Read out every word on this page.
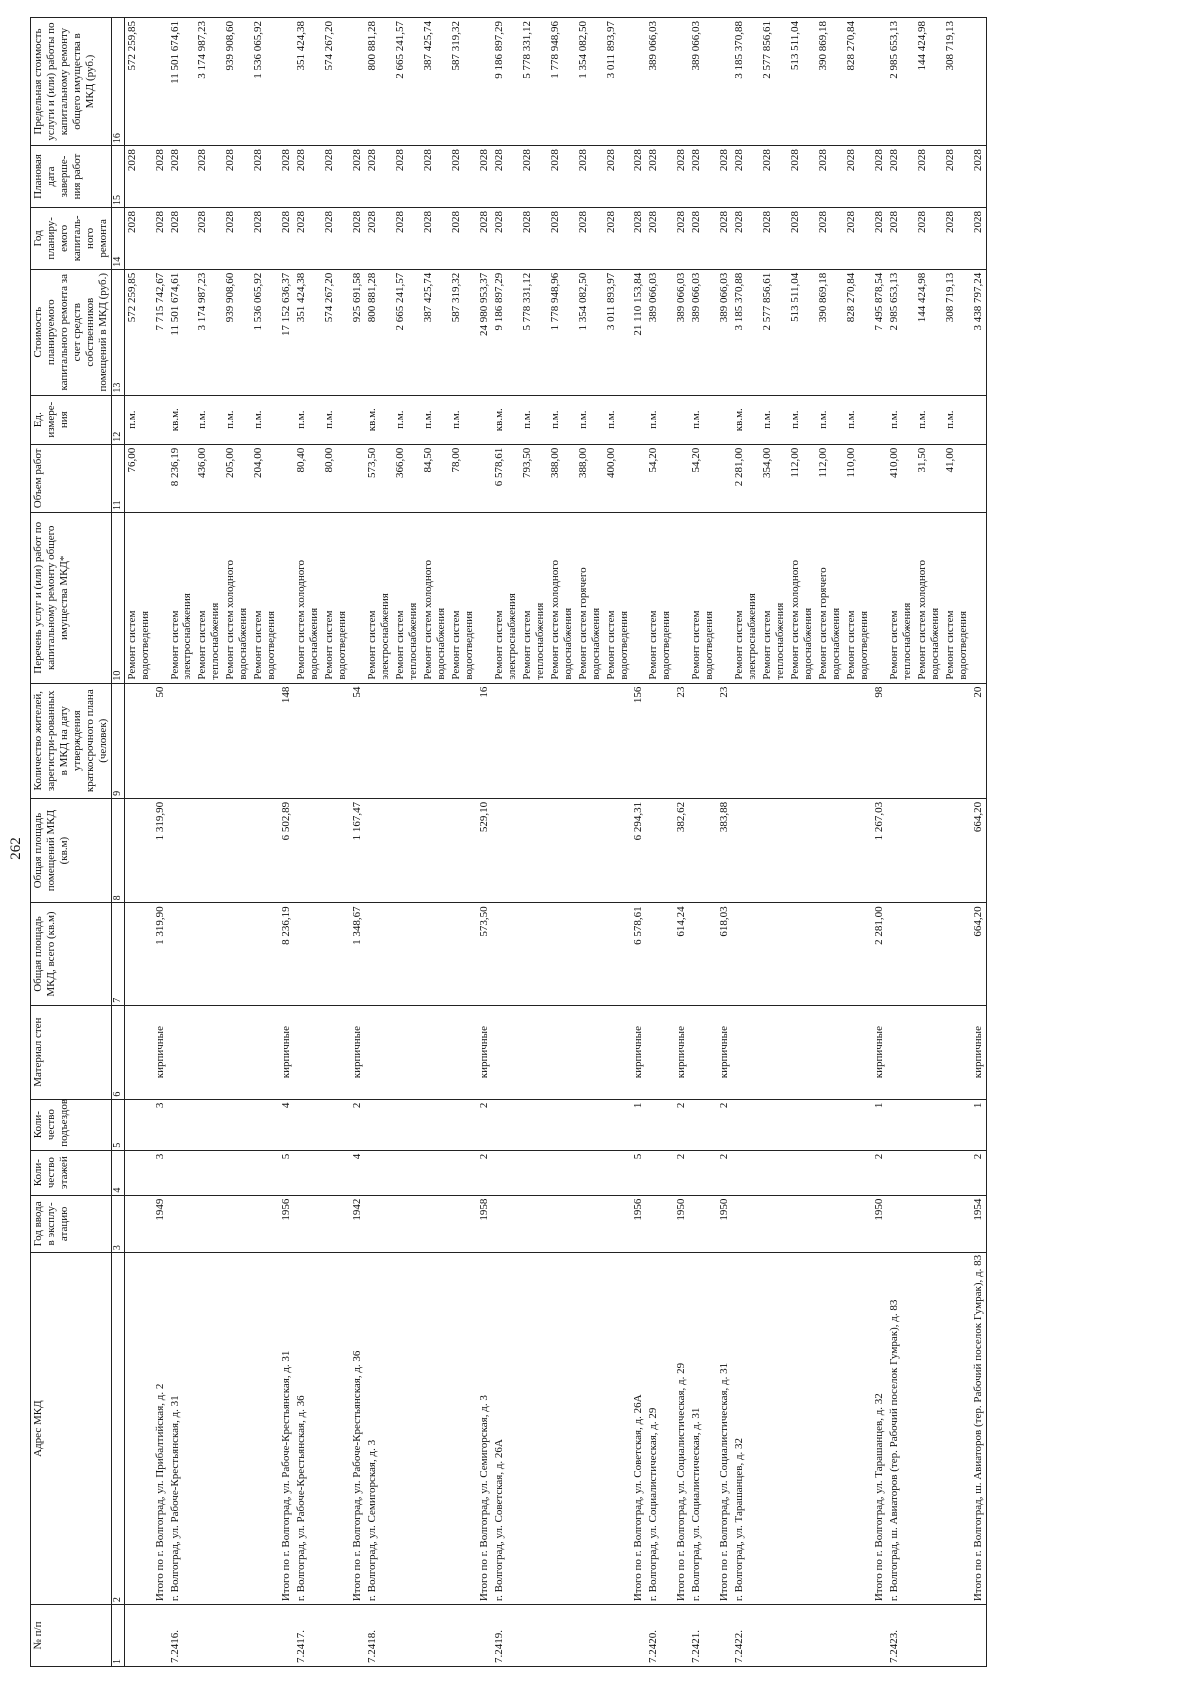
262
№ п/п	Адрес МКД	Год ввода в эксплу-атацию	Коли-чество этажей	Коли-чество подъездов	Материал стен	Общая площадь МКД, всего (кв.м)	Общая площадь помещений МКД (кв.м)	Количество жителей, зарегистри-рованных в МКД на дату утверждения краткосрочного плана (человек)	Перечень услуг и (или) работ по капитальному ремонту общего имущества МКД*	Объем работ	Ед. измере-ния	Стоимость планируемого капитального ремонта за счет средств собственников помещений в МКД (руб.)	Год планиру-емого капиталь-ного ремонта	Плановая дата заверше-ния работ	Предельная стоимость услуги и (или) работы по капитальному ремонту общего имущества в МКД (руб.)
1	2	3	4	5	6	7	8	9	10	11	12	13	14	15	16

									Ремонт систем водоотведения	76,00	п.м.	572 259,85	2028	2028	572 259,85
	Итого по г. Волгоград, ул. Прибалтийская, д. 2	1949	3	3	кирпичные	1 319,90	1 319,90	50				7 715 742,67	2028	2028	
7.2416.	г. Волгоград, ул. Рабоче-Крестьянская, д. 31								Ремонт систем электроснабжения	8 236,19	кв.м.	11 501 674,61	2028	2028	11 501 674,61

									Ремонт систем теплоснабжения	436,00	п.м.	3 174 987,23	2028	2028	3 174 987,23

									Ремонт систем холодного водоснабжения	205,00	п.м.	939 908,60	2028	2028	939 908,60

									Ремонт систем водоотведения	204,00	п.м.	1 536 065,92	2028	2028	1 536 065,92
	Итого по г. Волгоград, ул. Рабоче-Крестьянская, д. 31	1956	5	4	кирпичные	8 236,19	6 502,89	148				17 152 636,37	2028	2028	
7.2417.	г. Волгоград, ул. Рабоче-Крестьянская, д. 36								Ремонт систем холодного водоснабжения	80,40	п.м.	351 424,38	2028	2028	351 424,38

									Ремонт систем водоотведения	80,00	п.м.	574 267,20	2028	2028	574 267,20
	Итого по г. Волгоград, ул. Рабоче-Крестьянская, д. 36	1942	4	2	кирпичные	1 348,67	1 167,47	54				925 691,58	2028	2028	
7.2418.	г. Волгоград, ул. Семигорская, д. 3								Ремонт систем электроснабжения	573,50	кв.м.	800 881,28	2028	2028	800 881,28

									Ремонт систем теплоснабжения	366,00	п.м.	2 665 241,57	2028	2028	2 665 241,57

									Ремонт систем холодного водоснабжения	84,50	п.м.	387 425,74	2028	2028	387 425,74

									Ремонт систем водоотведения	78,00	п.м.	587 319,32	2028	2028	587 319,32
	Итого по г. Волгоград, ул. Семигорская, д. 3	1958	2	2	кирпичные	573,50	529,10	16				24 980 953,37	2028	2028	
7.2419.	г. Волгоград, ул. Советская, д. 26А								Ремонт систем электроснабжения	6 578,61	кв.м.	9 186 897,29	2028	2028	9 186 897,29

									Ремонт систем теплоснабжения	793,50	п.м.	5 778 331,12	2028	2028	5 778 331,12

									Ремонт систем холодного водоснабжения	388,00	п.м.	1 778 948,96	2028	2028	1 778 948,96

									Ремонт систем горячего водоснабжения	388,00	п.м.	1 354 082,50	2028	2028	1 354 082,50

									Ремонт систем водоотведения	400,00	п.м.	3 011 893,97	2028	2028	3 011 893,97
	Итого по г. Волгоград, ул. Советская, д. 26А	1956	5	1	кирпичные	6 578,61	6 294,31	156				21 110 153,84	2028	2028	
7.2420.	г. Волгоград, ул. Социалистическая, д. 29								Ремонт систем водоотведения	54,20	п.м.	389 066,03	2028	2028	389 066,03
	Итого по г. Волгоград, ул. Социалистическая, д. 29	1950	2	2	кирпичные	614,24	382,62	23				389 066,03	2028	2028	
7.2421.	г. Волгоград, ул. Социалистическая, д. 31								Ремонт систем водоотведения	54,20	п.м.	389 066,03	2028	2028	389 066,03
	Итого по г. Волгоград, ул. Социалистическая, д. 31	1950	2	2	кирпичные	618,03	383,88	23				389 066,03	2028	2028	
7.2422.	г. Волгоград, ул. Тарашанцев, д. 32								Ремонт систем электроснабжения	2 281,00	кв.м.	3 185 370,88	2028	2028	3 185 370,88

									Ремонт систем теплоснабжения	354,00	п.м.	2 577 856,61	2028	2028	2 577 856,61

									Ремонт систем холодного водоснабжения	112,00	п.м.	513 511,04	2028	2028	513 511,04

									Ремонт систем горячего водоснабжения	112,00	п.м.	390 869,18	2028	2028	390 869,18

									Ремонт систем водоотведения	110,00	п.м.	828 270,84	2028	2028	828 270,84
	Итого по г. Волгоград, ул. Тарашанцев, д. 32	1950	2	1	кирпичные	2 281,00	1 267,03	98				7 495 878,54	2028	2028	
7.2423.	г. Волгоград, ш. Авиаторов (тер. Рабочий поселок Гумрак), д. 83								Ремонт систем теплоснабжения	410,00	п.м.	2 985 653,13	2028	2028	2 985 653,13

									Ремонт систем холодного водоснабжения	31,50	п.м.	144 424,98	2028	2028	144 424,98

									Ремонт систем водоотведения	41,00	п.м.	308 719,13	2028	2028	308 719,13
	Итого по г. Волгоград, ш. Авиаторов (тер. Рабочий поселок Гумрак), д. 83	1954	2	1	кирпичные	664,20	664,20	20				3 438 797,24	2028	2028	
